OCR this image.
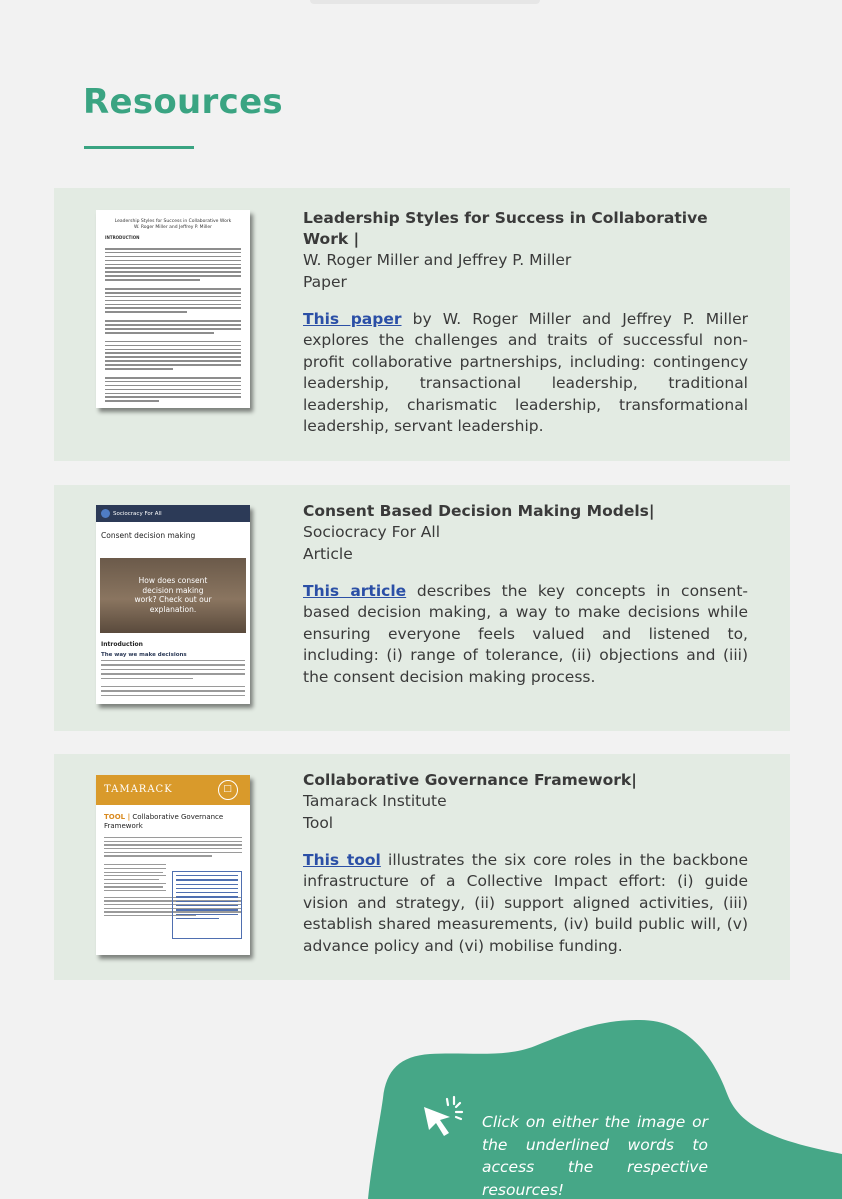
Resources
Leadership Styles for Success in Collaborative Work
W. Roger Miller and Jeffrey P. Miller
INTRODUCTION
Leadership Styles for Success in Collaborative Work |
W. Roger Miller and Jeffrey P. Miller
Paper

This paper by W. Roger Miller and Jeffrey P. Miller explores the challenges and traits of successful non-profit collaborative partnerships, including: contingency leadership, transactional leadership, traditional leadership, charismatic leadership, transformational leadership, servant leadership.

Sociocracy For All
Consent decision making
How does consent decision making work? Check out our explanation.
Introduction
The way we make decisions
Consent Based Decision Making Models|
Sociocracy For All
Article

This article describes the key concepts in consent-based decision making, a way to make decisions while ensuring everyone feels valued and listened to, including: (i) range of tolerance, (ii) objections and (iii) the consent decision making process.

TAMARACK	□
TOOL | Collaborative Governance Framework
Collaborative Governance Framework|
Tamarack Institute
Tool

This tool illustrates the six core roles in the backbone infrastructure of a Collective Impact effort: (i) guide vision and strategy, (ii) support aligned activities, (iii) establish shared measurements, (iv) build public will, (v) advance policy and (vi) mobilise funding.

Click on either the image or the underlined words to access the respective resources!
